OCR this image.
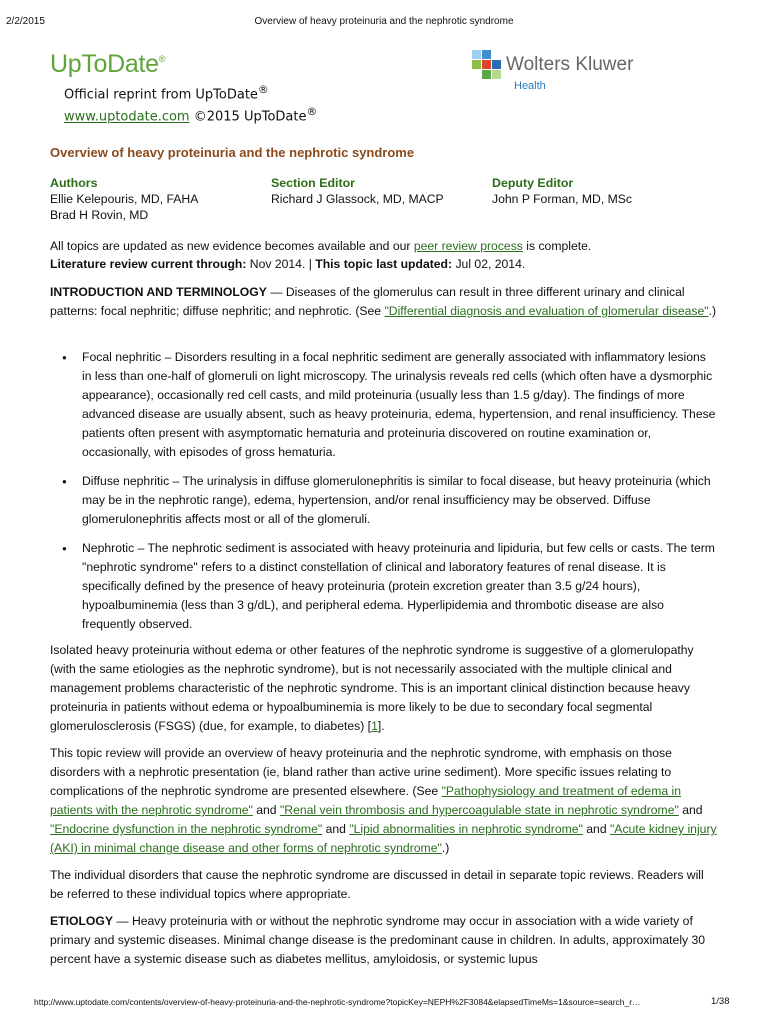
2/2/2015	Overview of heavy proteinuria and the nephrotic syndrome
UpToDate®
Official reprint from UpToDate®
www.uptodate.com ©2015 UpToDate®
Wolters Kluwer
Health
Overview of heavy proteinuria and the nephrotic syndrome
Authors
Ellie Kelepouris, MD, FAHA
Brad H Rovin, MD
Section Editor
Richard J Glassock, MD, MACP
Deputy Editor
John P Forman, MD, MSc
All topics are updated as new evidence becomes available and our peer review process is complete.
Literature review current through: Nov 2014. | This topic last updated: Jul 02, 2014.
INTRODUCTION AND TERMINOLOGY — Diseases of the glomerulus can result in three different urinary and clinical patterns: focal nephritic; diffuse nephritic; and nephrotic. (See "Differential diagnosis and evaluation of glomerular disease".)
● Focal nephritic – Disorders resulting in a focal nephritic sediment are generally associated with inflammatory lesions in less than one-half of glomeruli on light microscopy. The urinalysis reveals red cells (which often have a dysmorphic appearance), occasionally red cell casts, and mild proteinuria (usually less than 1.5 g/day). The findings of more advanced disease are usually absent, such as heavy proteinuria, edema, hypertension, and renal insufficiency. These patients often present with asymptomatic hematuria and proteinuria discovered on routine examination or, occasionally, with episodes of gross hematuria.
● Diffuse nephritic – The urinalysis in diffuse glomerulonephritis is similar to focal disease, but heavy proteinuria (which may be in the nephrotic range), edema, hypertension, and/or renal insufficiency may be observed. Diffuse glomerulonephritis affects most or all of the glomeruli.
● Nephrotic – The nephrotic sediment is associated with heavy proteinuria and lipiduria, but few cells or casts. The term "nephrotic syndrome" refers to a distinct constellation of clinical and laboratory features of renal disease. It is specifically defined by the presence of heavy proteinuria (protein excretion greater than 3.5 g/24 hours), hypoalbuminemia (less than 3 g/dL), and peripheral edema. Hyperlipidemia and thrombotic disease are also frequently observed.
Isolated heavy proteinuria without edema or other features of the nephrotic syndrome is suggestive of a glomerulopathy (with the same etiologies as the nephrotic syndrome), but is not necessarily associated with the multiple clinical and management problems characteristic of the nephrotic syndrome. This is an important clinical distinction because heavy proteinuria in patients without edema or hypoalbuminemia is more likely to be due to secondary focal segmental glomerulosclerosis (FSGS) (due, for example, to diabetes) [1].
This topic review will provide an overview of heavy proteinuria and the nephrotic syndrome, with emphasis on those disorders with a nephrotic presentation (ie, bland rather than active urine sediment). More specific issues relating to complications of the nephrotic syndrome are presented elsewhere. (See "Pathophysiology and treatment of edema in patients with the nephrotic syndrome" and "Renal vein thrombosis and hypercoagulable state in nephrotic syndrome" and "Endocrine dysfunction in the nephrotic syndrome" and "Lipid abnormalities in nephrotic syndrome" and "Acute kidney injury (AKI) in minimal change disease and other forms of nephrotic syndrome".)
The individual disorders that cause the nephrotic syndrome are discussed in detail in separate topic reviews. Readers will be referred to these individual topics where appropriate.
ETIOLOGY — Heavy proteinuria with or without the nephrotic syndrome may occur in association with a wide variety of primary and systemic diseases. Minimal change disease is the predominant cause in children. In adults, approximately 30 percent have a systemic disease such as diabetes mellitus, amyloidosis, or systemic lupus
http://www.uptodate.com/contents/overview-of-heavy-proteinuria-and-the-nephrotic-syndrome?topicKey=NEPH%2F3084&elapsedTimeMs=1&source=search_r…	1/38
